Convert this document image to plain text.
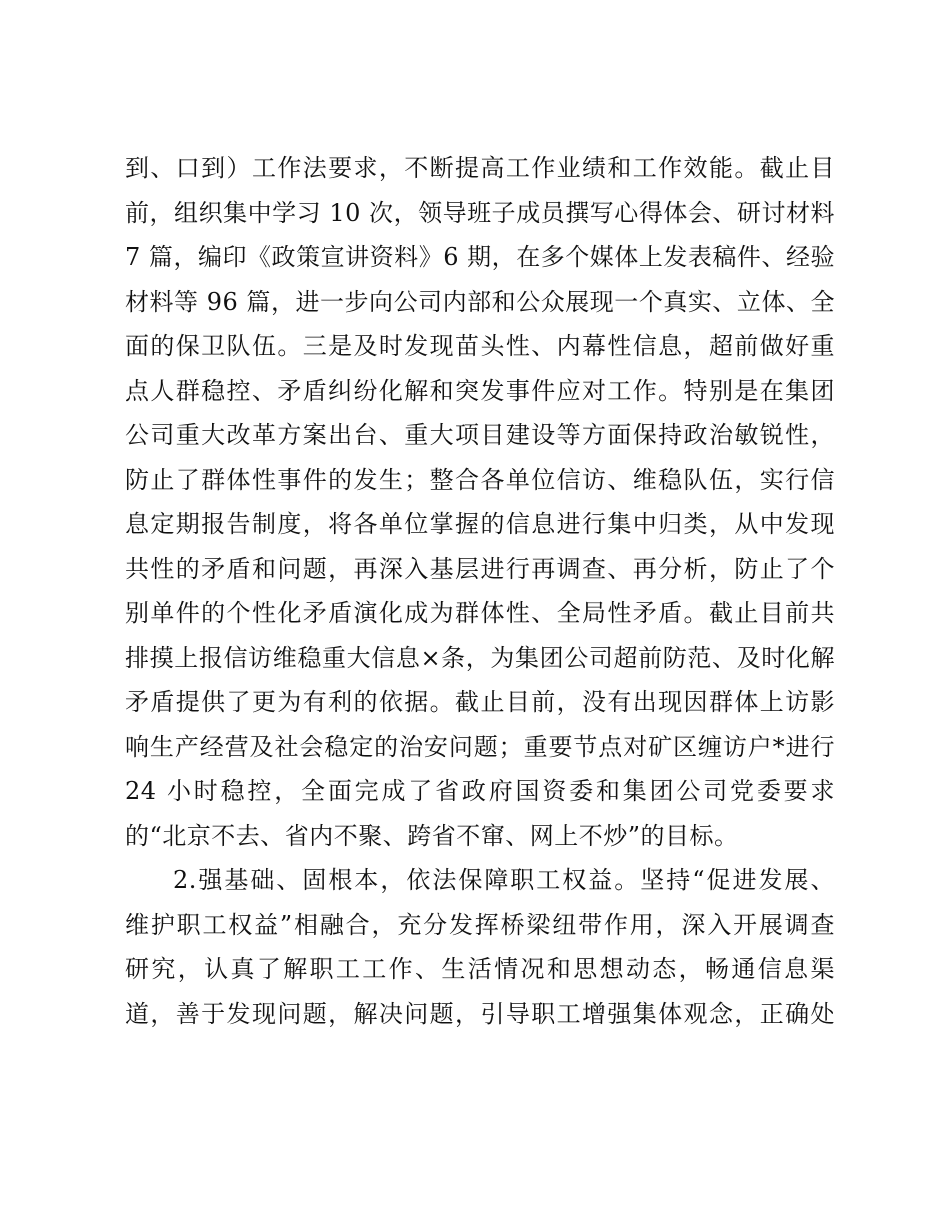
到、口到）工作法要求，不断提高工作业绩和工作效能。截止目
前，组织集中学习 10 次，领导班子成员撰写心得体会、研讨材料
7 篇，编印《政策宣讲资料》6 期，在多个媒体上发表稿件、经验
材料等 96 篇，进一步向公司内部和公众展现一个真实、立体、全
面的保卫队伍。三是及时发现苗头性、内幕性信息，超前做好重
点人群稳控、矛盾纠纷化解和突发事件应对工作。特别是在集团
公司重大改革方案出台、重大项目建设等方面保持政治敏锐性，
防止了群体性事件的发生；整合各单位信访、维稳队伍，实行信
息定期报告制度，将各单位掌握的信息进行集中归类，从中发现
共性的矛盾和问题，再深入基层进行再调查、再分析，防止了个
别单件的个性化矛盾演化成为群体性、全局性矛盾。截止目前共
排摸上报信访维稳重大信息×条，为集团公司超前防范、及时化解
矛盾提供了更为有利的依据。截止目前，没有出现因群体上访影
响生产经营及社会稳定的治安问题；重要节点对矿区缠访户*进行
24 小时稳控，全面完成了省政府国资委和集团公司党委要求
的“北京不去、省内不聚、跨省不窜、网上不炒”的目标。

2.强基础、固根本，依法保障职工权益。坚持“促进发展、
维护职工权益”相融合，充分发挥桥梁纽带作用，深入开展调查
研究，认真了解职工工作、生活情况和思想动态，畅通信息渠
道，善于发现问题，解决问题，引导职工增强集体观念，正确处
